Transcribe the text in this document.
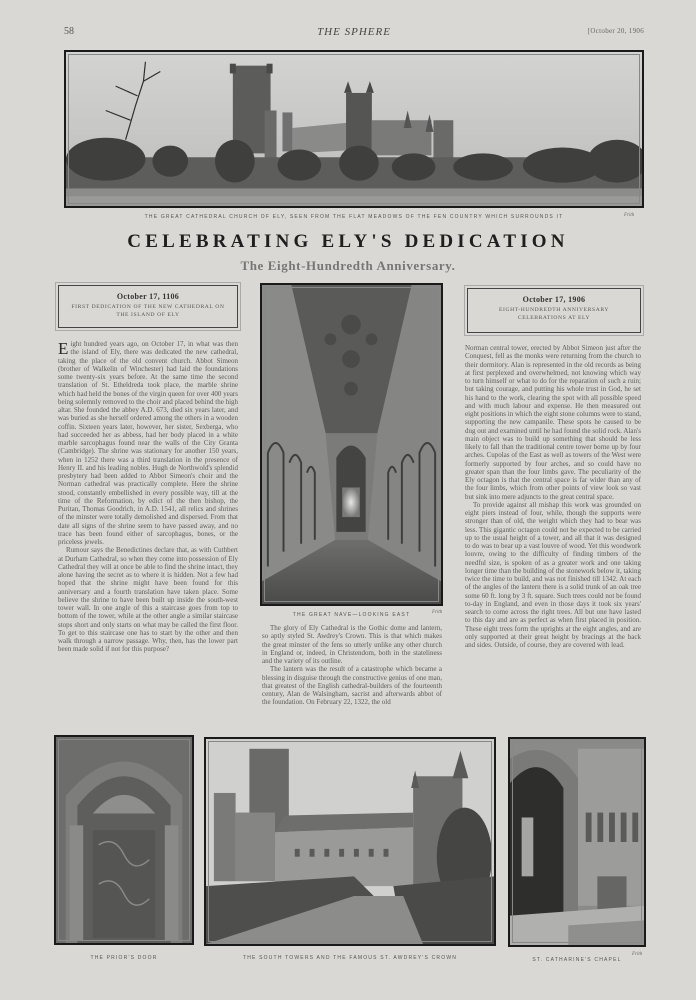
58	THE SPHERE	[October 20, 1906
THE GREAT CATHEDRAL CHURCH OF ELY, SEEN FROM THE FLAT MEADOWS OF THE FEN COUNTRY WHICH SURROUNDS IT	Frith
CELEBRATING ELY'S DEDICATION
The Eight-Hundredth Anniversary.
October 17, 1106
FIRST DEDICATION OF THE NEW CATHEDRAL ON THE ISLAND OF ELY
October 17, 1906
EIGHT-HUNDREDTH ANNIVERSARY CELEBRATIONS AT ELY
THE GREAT NAVE—LOOKING EAST	Frith

Eight hundred years ago, on October 17, in what was then the island of Ely, there was dedicated the new cathedral, taking the place of the old convent church. Abbot Simeon (brother of Walkelin of Winchester) had laid the foundations some twenty-six years before. At the same time the second translation of St. Etheldreda took place, the marble shrine which had held the bones of the virgin queen for over 400 years being solemnly removed to the choir and placed behind the high altar. She founded the abbey A.D. 673, died six years later, and was buried as she herself ordered among the others in a wooden coffin. Sixteen years later, however, her sister, Sexberga, who had succeeded her as abbess, had her body placed in a white marble sarcophagus found near the walls of the City Granta (Cambridge). The shrine was stationary for another 150 years, when in 1252 there was a third translation in the presence of Henry II. and his leading nobles. Hugh de Northwold's splendid presbytery had been added to Abbot Simeon's choir and the Norman cathedral was practically complete. Here the shrine stood, constantly embellished in every possible way, till at the time of the Reformation, by edict of the then bishop, the Puritan, Thomas Goodrich, in A.D. 1541, all relics and shrines of the minster were totally demolished and dispersed. From that date all signs of the shrine seem to have passed away, and no trace has been found either of sarcophagus, bones, or the priceless jewels.

Rumour says the Benedictines declare that, as with Cuthbert at Durham Cathedral, so when they come into possession of Ely Cathedral they will at once be able to find the shrine intact, they alone having the secret as to where it is hidden. Not a few had hoped that the shrine might have been found for this anniversary and a fourth translation have taken place. Some believe the shrine to have been built up inside the south-west tower wall. In one angle of this a staircase goes from top to bottom of the tower, while at the other angle a similar staircase stops short and only starts on what may be called the first floor. To get to this staircase one has to start by the other and then walk through a narrow passage. Why, then, has the lower part been made solid if not for this purpose?

The glory of Ely Cathedral is the Gothic dome and lantern, so aptly styled St. Awdrey's Crown. This is that which makes the great minster of the fens so utterly unlike any other church in England or, indeed, in Christendom, both in the stateliness and the variety of its outline.

The lantern was the result of a catastrophe which became a blessing in disguise through the constructive genius of one man, that greatest of the English cathedral-builders of the fourteenth century, Alan de Walsingham, sacrist and afterwards abbot of the foundation. On February 22, 1322, the old

Norman central tower, erected by Abbot Simeon just after the Conquest, fell as the monks were returning from the church to their dormitory. Alan is represented in the old records as being at first perplexed and overwhelmed, not knowing which way to turn himself or what to do for the reparation of such a ruin; but taking courage, and putting his whole trust in God, he set his hand to the work, clearing the spot with all possible speed and with much labour and expense. He then measured out eight positions in which the eight stone columns were to stand, supporting the new campanile. These spots he caused to be dug out and examined until he had found the solid rock. Alan's main object was to build up something that should be less likely to fall than the traditional centre tower borne up by four arches. Cupolas of the East as well as towers of the West were formerly supported by four arches, and so could have no greater span than the four limbs gave. The peculiarity of the Ely octagon is that the central space is far wider than any of the four limbs, which from other points of view look so vast but sink into mere adjuncts to the great central space.

To provide against all mishap this work was grounded on eight piers instead of four, while, though the supports were stronger than of old, the weight which they had to bear was less. This gigantic octagon could not be expected to be carried up to the usual height of a tower, and all that it was designed to do was to bear up a vast louvre of wood. Yet this woodwork louvre, owing to the difficulty of finding timbers of the needful size, is spoken of as a greater work and one taking longer time than the building of the stonework below it, taking twice the time to build, and was not finished till 1342. At each of the angles of the lantern there is a solid trunk of an oak tree some 60 ft. long by 3 ft. square. Such trees could not be found to-day in England, and even in those days it took six years' search to come across the right trees. All but one have lasted to this day and are as perfect as when first placed in position. These eight trees form the uprights at the eight angles, and are only supported at their great height by bracings at the back and sides. Outside, of course, they are covered with lead.

THE PRIOR'S DOOR	THE SOUTH TOWERS AND THE FAMOUS ST. AWDREY'S CROWN	ST. CATHARINE'S CHAPEL
Frith
